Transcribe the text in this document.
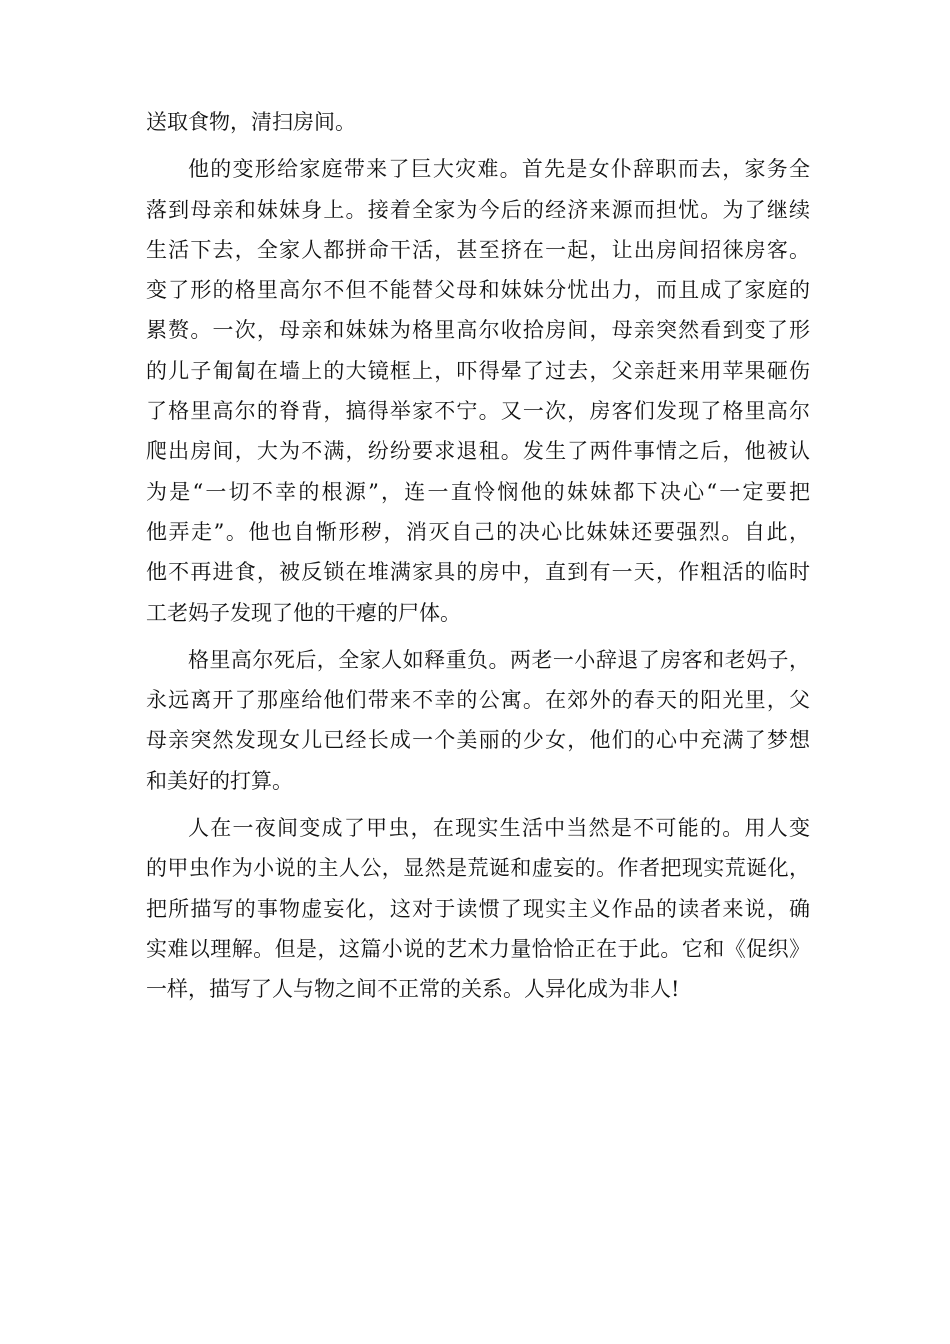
送取食物，清扫房间。

他的变形给家庭带来了巨大灾难。首先是女仆辞职而去，家务全
落到母亲和妹妹身上。接着全家为今后的经济来源而担忧。为了继续
生活下去，全家人都拼命干活，甚至挤在一起，让出房间招徕房客。
变了形的格里高尔不但不能替父母和妹妹分忧出力，而且成了家庭的
累赘。一次，母亲和妹妹为格里高尔收拾房间，母亲突然看到变了形
的儿子匍匐在墙上的大镜框上，吓得晕了过去，父亲赶来用苹果砸伤
了格里高尔的脊背，搞得举家不宁。又一次，房客们发现了格里高尔
爬出房间，大为不满，纷纷要求退租。发生了两件事情之后，他被认
为是“一切不幸的根源”，连一直怜悯他的妹妹都下决心“一定要把
他弄走”。他也自惭形秽，消灭自己的决心比妹妹还要强烈。自此，
他不再进食，被反锁在堆满家具的房中，直到有一天，作粗活的临时
工老妈子发现了他的干瘪的尸体。

格里高尔死后，全家人如释重负。两老一小辞退了房客和老妈子，
永远离开了那座给他们带来不幸的公寓。在郊外的春天的阳光里，父
母亲突然发现女儿已经长成一个美丽的少女，他们的心中充满了梦想
和美好的打算。

人在一夜间变成了甲虫，在现实生活中当然是不可能的。用人变
的甲虫作为小说的主人公，显然是荒诞和虚妄的。作者把现实荒诞化，
把所描写的事物虚妄化，这对于读惯了现实主义作品的读者来说，确
实难以理解。但是，这篇小说的艺术力量恰恰正在于此。它和《促织》
一样，描写了人与物之间不正常的关系。人异化成为非人!
